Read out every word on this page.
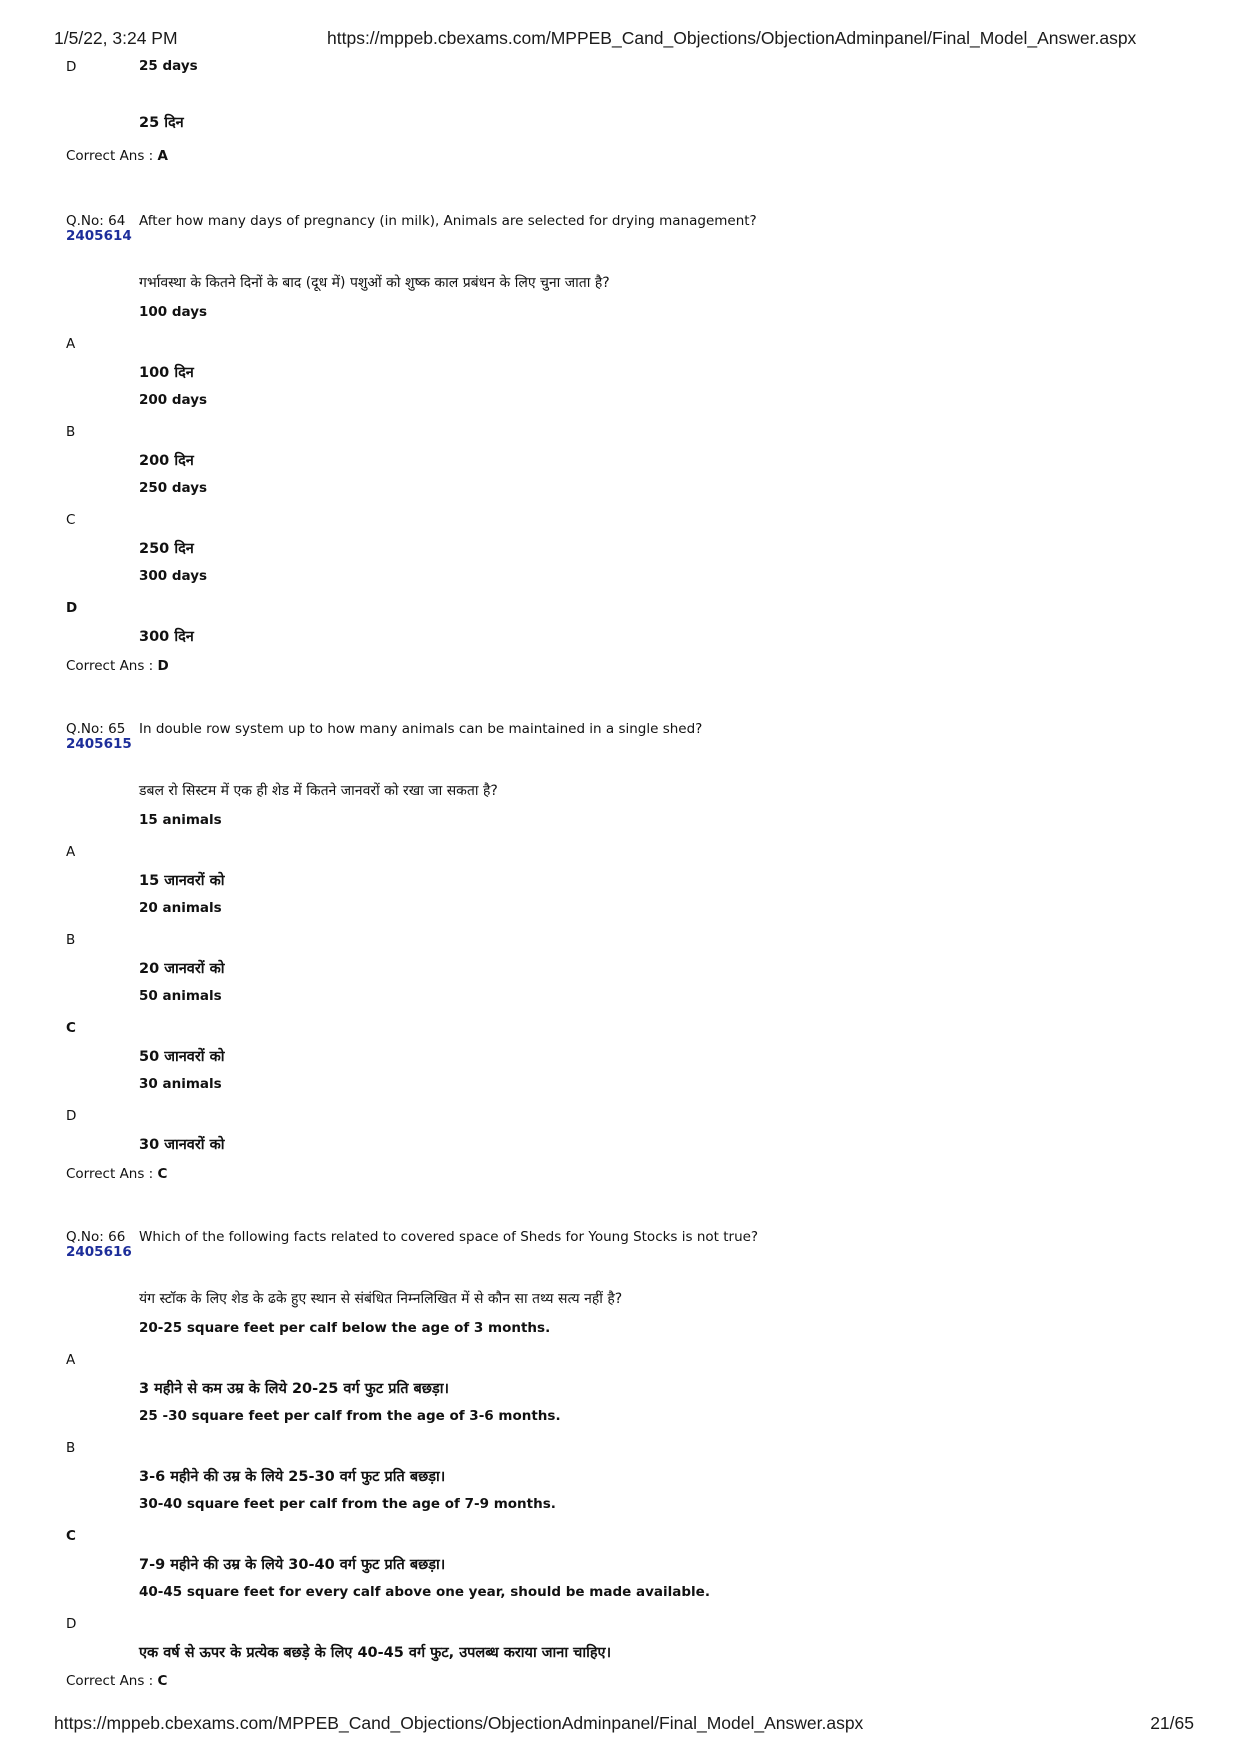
1/5/22, 3:24 PM	https://mppeb.cbexams.com/MPPEB_Cand_Objections/ObjectionAdminpanel/Final_Model_Answer.aspx
D	25 days
25 दिन
Correct Ans : A
Q.No: 64
2405614
After how many days of pregnancy (in milk), Animals are selected for drying management?
गर्भावस्था के कितने दिनों के बाद (दूध में) पशुओं को शुष्क काल प्रबंधन के लिए चुना जाता है?
100 days
A
100 दिन
200 days
B
200 दिन
250 days
C
250 दिन
300 days
D
300 दिन
Correct Ans : D
Q.No: 65
2405615
In double row system up to how many animals can be maintained in a single shed?
डबल रो सिस्टम में एक ही शेड में कितने जानवरों को रखा जा सकता है?
15 animals
A
15 जानवरों को
20 animals
B
20 जानवरों को
50 animals
C
50 जानवरों को
30 animals
D
30 जानवरों को
Correct Ans : C
Q.No: 66
2405616
Which of the following facts related to covered space of Sheds for Young Stocks is not true?
यंग स्टॉक के लिए शेड के ढके हुए स्थान से संबंधित निम्नलिखित में से कौन सा तथ्य सत्य नहीं है?
20-25 square feet per calf below the age of 3 months.
A
3 महीने से कम उम्र के लिये 20-25 वर्ग फुट प्रति बछड़ा।
25 -30 square feet per calf from the age of 3-6 months.
B
3-6 महीने की उम्र के लिये 25-30 वर्ग फुट प्रति बछड़ा।
30-40 square feet per calf from the age of 7-9 months.
C
7-9 महीने की उम्र के लिये 30-40 वर्ग फुट प्रति बछड़ा।
40-45 square feet for every calf above one year, should be made available.
D
एक वर्ष से ऊपर के प्रत्येक बछड़े के लिए 40-45 वर्ग फुट, उपलब्ध कराया जाना चाहिए।
Correct Ans : C
https://mppeb.cbexams.com/MPPEB_Cand_Objections/ObjectionAdminpanel/Final_Model_Answer.aspx	21/65
